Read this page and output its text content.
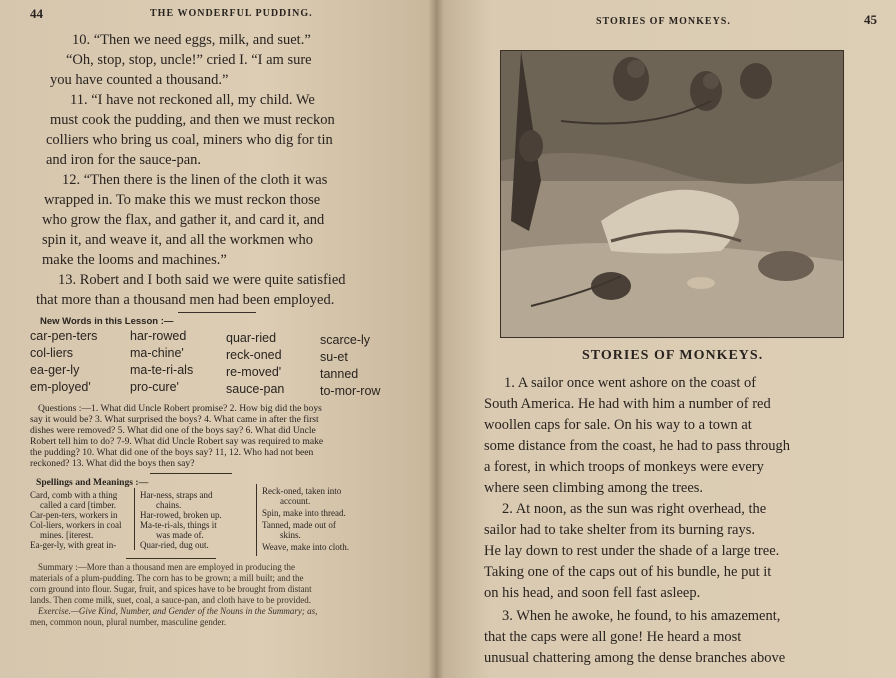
44	THE WONDERFUL PUDDING.
10. “Then we need eggs, milk, and suet.”
“Oh, stop, stop, uncle!” cried I. “I am sure
you have counted a thousand.”
11. “I have not reckoned all, my child. We
must cook the pudding, and then we must reckon
colliers who bring us coal, miners who dig for tin
and iron for the sauce-pan.
12. “Then there is the linen of the cloth it was
wrapped in. To make this we must reckon those
who grow the flax, and gather it, and card it, and
spin it, and weave it, and all the workmen who
make the looms and machines.”
13. Robert and I both said we were quite satisfied
that more than a thousand men had been employed.
New Words in this Lesson :—
car-pen-ters	har-rowed	quar-ried	scarce-ly
col-liers	ma-chine'	reck-oned	su-et
ea-ger-ly	ma-te-ri-als	re-moved'	tanned
em-ployed'	pro-cure'	sauce-pan	to-mor-row
Questions :—1. What did Uncle Robert promise? 2. How big did the boys
say it would be? 3. What surprised the boys? 4. What came in after the first
dishes were removed? 5. What did one of the boys say? 6. What did Uncle
Robert tell him to do? 7-9. What did Uncle Robert say was required to make
the pudding? 10. What did one of the boys say? 11, 12. Who had not been
reckoned? 13. What did the boys then say?
Spellings and Meanings :—
Card, comb with a thing
called a card [timber.
Car-pen-ters, workers in
Col-liers, workers in coal
mines. [iterest.
Ea-ger-ly, with great in-
Har-ness, straps and
chains.
Har-rowed, broken up.
Ma-te-ri-als, things it
was made of.
Quar-ried, dug out.
Reck-oned, taken into
account.
Spin, make into thread.
Tanned, made out of
skins.
Weave, make into cloth.
Summary :—More than a thousand men are employed in producing the
materials of a plum-pudding. The corn has to be grown; a mill built; and the
corn ground into flour. Sugar, fruit, and spices have to be brought from distant
lands. Then come milk, suet, coal, a sauce-pan, and cloth have to be provided.
Exercise.—Give Kind, Number, and Gender of the Nouns in the Summary; as,
men, common noun, plural number, masculine gender.
STORIES OF MONKEYS.	45
STORIES OF MONKEYS.
1. A sailor once went ashore on the coast of
South America. He had with him a number of red
woollen caps for sale. On his way to a town at
some distance from the coast, he had to pass through
a forest, in which troops of monkeys were every
where seen climbing among the trees.
2. At noon, as the sun was right overhead, the
sailor had to take shelter from its burning rays.
He lay down to rest under the shade of a large tree.
Taking one of the caps out of his bundle, he put it
on his head, and soon fell fast asleep.
3. When he awoke, he found, to his amazement,
that the caps were all gone! He heard a most
unusual chattering among the dense branches above
